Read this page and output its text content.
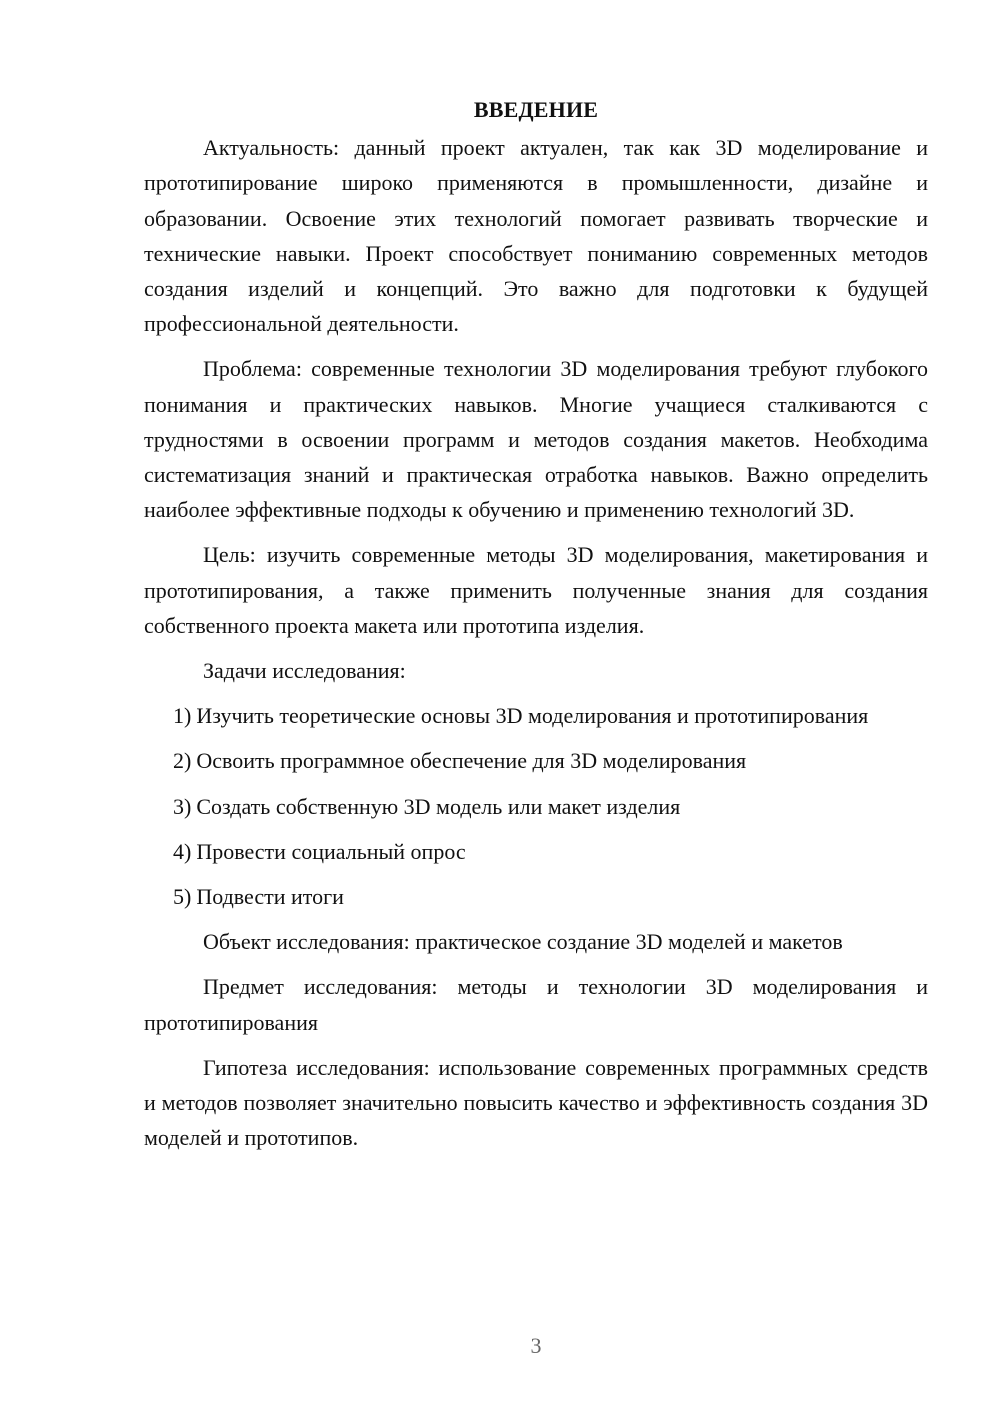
ВВЕДЕНИЕ

Актуальность: данный проект актуален, так как 3D моделирование и прототипирование широко применяются в промышленности, дизайне и образовании. Освоение этих технологий помогает развивать творческие и технические навыки. Проект способствует пониманию современных методов создания изделий и концепций. Это важно для подготовки к будущей профессиональной деятельности.

Проблема: современные технологии 3D моделирования требуют глубокого понимания и практических навыков. Многие учащиеся сталкиваются с трудностями в освоении программ и методов создания макетов. Необходима систематизация знаний и практическая отработка навыков. Важно определить наиболее эффективные подходы к обучению и применению технологий 3D.

Цель: изучить современные методы 3D моделирования, макетирования и прототипирования, а также применить полученные знания для создания собственного проекта макета или прототипа изделия.

Задачи исследования:

1) Изучить теоретические основы 3D моделирования и прототипирования

2) Освоить программное обеспечение для 3D моделирования

3) Создать собственную 3D модель или макет изделия

4) Провести социальный опрос

5) Подвести итоги

Объект исследования: практическое создание 3D моделей и макетов

Предмет исследования: методы и технологии 3D моделирования и прототипирования

Гипотеза исследования: использование современных программных средств и методов позволяет значительно повысить качество и эффективность создания 3D моделей и прототипов.

3
